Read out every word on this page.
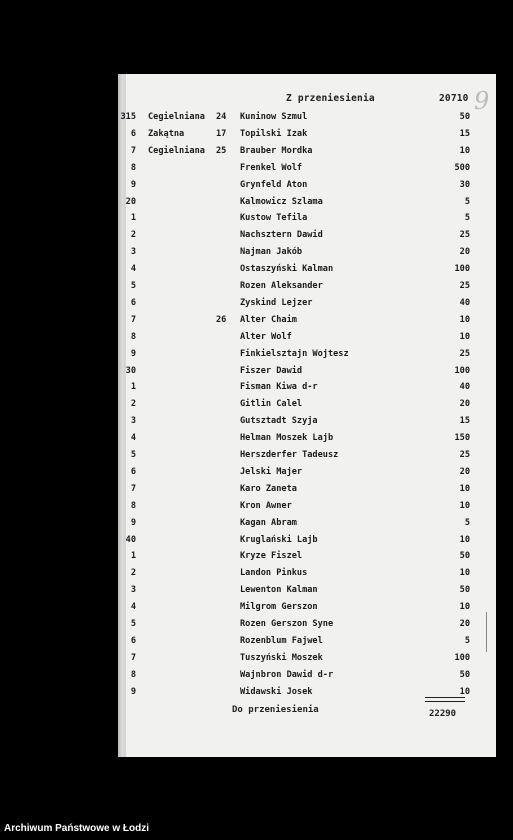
Z przeniesienia	20710 9
315 Cegielniana 24 Kuninow Szmul	50
6 Zakątna	17 Topilski Izak	15
7 Cegielniana 25 Brauber Mordka	10
8	Frenkel Wolf	500
9	Grynfeld Aton	30
20	Kalmowicz Szlama	5
1	Kustow Tefila	5
2	Nachsztern Dawid	25
3	Najman Jakób	20
4	Ostaszyński Kalman	100
5	Rozen Aleksander	25
6	Zyskind Lejzer	40
7	26 Alter Chaim	10
8	Alter Wolf	10
9	Finkielsztajn Wojtesz	25
30	Fiszer Dawid	100
1	Fisman Kiwa d-r	40
2	Gitlin Calel	20
3	Gutsztadt Szyja	15
4	Helman Moszek Lajb	150
5	Herszderfer Tadeusz	25
6	Jelski Majer	20
7	Karo Zaneta	10
8	Kron Awner	10
9	Kagan Abram	5
40	Kruglański Lajb	10
1	Kryze Fiszel	50
2	Landon Pinkus	10
3	Lewenton Kalman	50
4	Milgrom Gerszon	10
5	Rozen Gerszon Syne	20
6	Rozenblum Fajwel	5
7	Tuszyński Moszek	100
8	Wajnbron Dawid d-r	50
9	Widawski Josek	10
Do przeniesienia	22290
Archiwum Państwowe w Łodzi
